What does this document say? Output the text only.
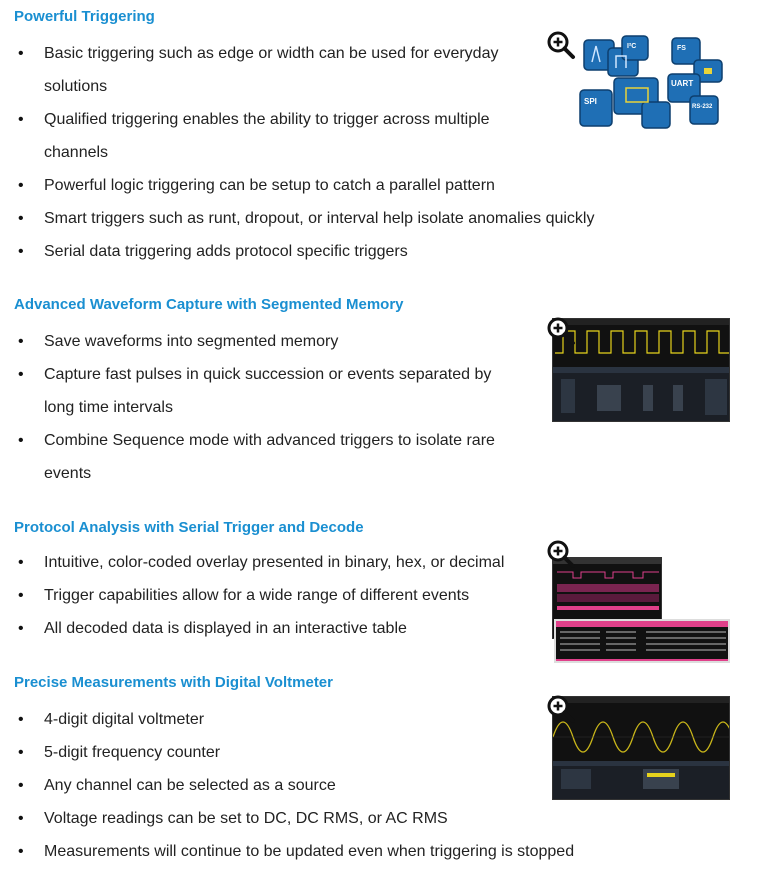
Powerful Triggering
• Basic triggering such as edge or width can be used for everyday solutions
• Qualified triggering enables the ability to trigger across multiple channels
• Powerful logic triggering can be setup to catch a parallel pattern
• Smart triggers such as runt, dropout, or interval help isolate anomalies quickly
• Serial data triggering adds protocol specific triggers
I²C	FS
UART
SPI
RS-232
Advanced Waveform Capture with Segmented Memory
• Save waveforms into segmented memory
• Capture fast pulses in quick succession or events separated by long time intervals
• Combine Sequence mode with advanced triggers to isolate rare events
Protocol Analysis with Serial Trigger and Decode
• Intuitive, color-coded overlay presented in binary, hex, or decimal
• Trigger capabilities allow for a wide range of different events
• All decoded data is displayed in an interactive table
Precise Measurements with Digital Voltmeter
• 4-digit digital voltmeter
• 5-digit frequency counter
• Any channel can be selected as a source
• Voltage readings can be set to DC, DC RMS, or AC RMS
• Measurements will continue to be updated even when triggering is stopped
